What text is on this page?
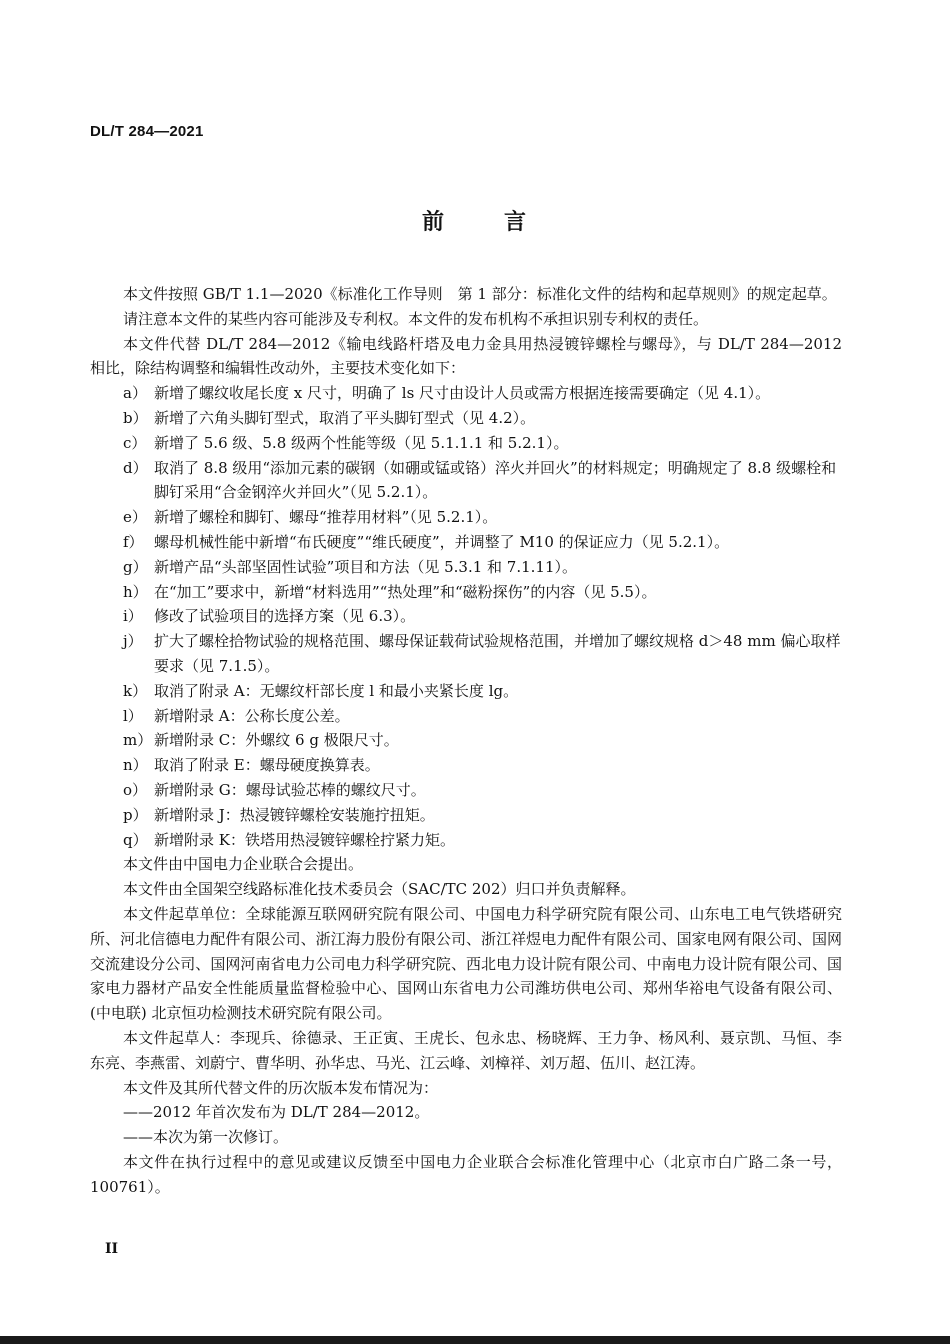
DL/T 284—2021
前	言

本文件按照 GB/T 1.1—2020《标准化工作导则　第 1 部分：标准化文件的结构和起草规则》的规定起草。

请注意本文件的某些内容可能涉及专利权。本文件的发布机构不承担识别专利权的责任。

本文件代替 DL/T 284—2012《输电线路杆塔及电力金具用热浸镀锌螺栓与螺母》，与 DL/T 284—2012 相比，除结构调整和编辑性改动外，主要技术变化如下：

a） 新增了螺纹收尾长度 x 尺寸，明确了 ls 尺寸由设计人员或需方根据连接需要确定（见 4.1）。
b） 新增了六角头脚钉型式，取消了平头脚钉型式（见 4.2）。
c） 新增了 5.6 级、5.8 级两个性能等级（见 5.1.1.1 和 5.2.1）。
d） 取消了 8.8 级用“添加元素的碳钢（如硼或锰或铬）淬火并回火”的材料规定；明确规定了 8.8 级螺栓和脚钉采用“合金钢淬火并回火”（见 5.2.1）。
e） 新增了螺栓和脚钉、螺母“推荐用材料”（见 5.2.1）。
f） 螺母机械性能中新增“布氏硬度”“维氏硬度”，并调整了 M10 的保证应力（见 5.2.1）。
g） 新增产品“头部坚固性试验”项目和方法（见 5.3.1 和 7.1.11）。
h） 在“加工”要求中，新增“材料选用”“热处理”和“磁粉探伤”的内容（见 5.5）。
i） 修改了试验项目的选择方案（见 6.3）。
j） 扩大了螺栓拾物试验的规格范围、螺母保证载荷试验规格范围，并增加了螺纹规格 d＞48 mm 偏心取样要求（见 7.1.5）。
k） 取消了附录 A：无螺纹杆部长度 l 和最小夹紧长度 lg。
l） 新增附录 A：公称长度公差。
m） 新增附录 C：外螺纹 6 g 极限尺寸。
n） 取消了附录 E：螺母硬度换算表。
o） 新增附录 G：螺母试验芯棒的螺纹尺寸。
p） 新增附录 J：热浸镀锌螺栓安装施拧扭矩。
q） 新增附录 K：铁塔用热浸镀锌螺栓拧紧力矩。

本文件由中国电力企业联合会提出。

本文件由全国架空线路标准化技术委员会（SAC/TC 202）归口并负责解释。

本文件起草单位：全球能源互联网研究院有限公司、中国电力科学研究院有限公司、山东电工电气铁塔研究所、河北信德电力配件有限公司、浙江海力股份有限公司、浙江祥煜电力配件有限公司、国家电网有限公司、国网交流建设分公司、国网河南省电力公司电力科学研究院、西北电力设计院有限公司、中南电力设计院有限公司、国家电力器材产品安全性能质量监督检验中心、国网山东省电力公司潍坊供电公司、郑州华裕电气设备有限公司、(中电联) 北京恒功检测技术研究院有限公司。

本文件起草人：李现兵、徐德录、王正寅、王虎长、包永忠、杨晓辉、王力争、杨风利、聂京凯、马恒、李东亮、李燕雷、刘蔚宁、曹华明、孙华忠、马光、江云峰、刘樟祥、刘万超、伍川、赵江涛。

本文件及其所代替文件的历次版本发布情况为：

——2012 年首次发布为 DL/T 284—2012。

——本次为第一次修订。

本文件在执行过程中的意见或建议反馈至中国电力企业联合会标准化管理中心（北京市白广路二条一号，100761）。

II
